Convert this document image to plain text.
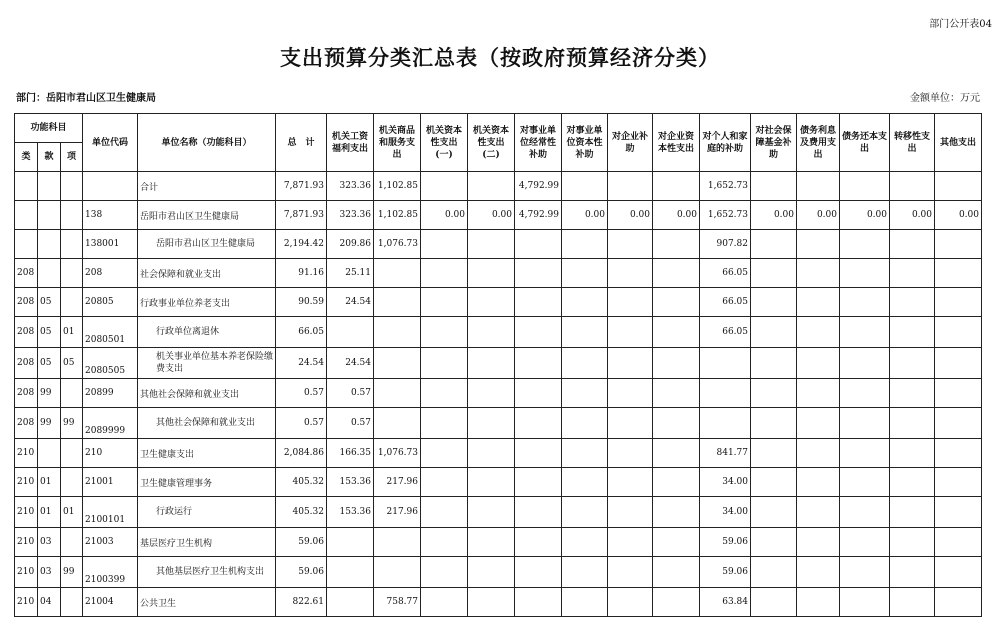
部门公开表04
支出预算分类汇总表（按政府预算经济分类）
部门：岳阳市君山区卫生健康局	金额单位：万元
功能科目			单位代码	单位名称（功能科目）	总　计	机关工资福利支出	机关商品和服务支出	机关资本性支出(一)	机关资本性支出(二)	对事业单位经常性补助	对事业单位资本性补助	对企业补助	对企业资本性支出	对个人和家庭的补助	对社会保障基金补助	债务利息及费用支出	债务还本支出	转移性支出	其他支出
类	款	项																	
				合计	7,871.93	323.36	1,102.85			4,792.99				1,652.73					
			138	岳阳市君山区卫生健康局	7,871.93	323.36	1,102.85	0.00	0.00	4,792.99	0.00	0.00	0.00	1,652.73	0.00	0.00	0.00	0.00	0.00
			138001	岳阳市君山区卫生健康局	2,194.42	209.86	1,076.73							907.82					
208			208	社会保障和就业支出	91.16	25.11								66.05					
208	05		20805	行政事业单位养老支出	90.59	24.54								66.05					
208	05	01	2080501	行政单位离退休	66.05									66.05					
208	05	05	2080505	机关事业单位基本养老保险缴费支出	24.54	24.54													
208	99		20899	其他社会保障和就业支出	0.57	0.57													
208	99	99	2089999	其他社会保障和就业支出	0.57	0.57													
210			210	卫生健康支出	2,084.86	166.35	1,076.73							841.77					
210	01		21001	卫生健康管理事务	405.32	153.36	217.96							34.00					
210	01	01	2100101	行政运行	405.32	153.36	217.96							34.00					
210	03		21003	基层医疗卫生机构	59.06									59.06					
210	03	99	2100399	其他基层医疗卫生机构支出	59.06									59.06					
210	04		21004	公共卫生	822.61		758.77							63.84					
